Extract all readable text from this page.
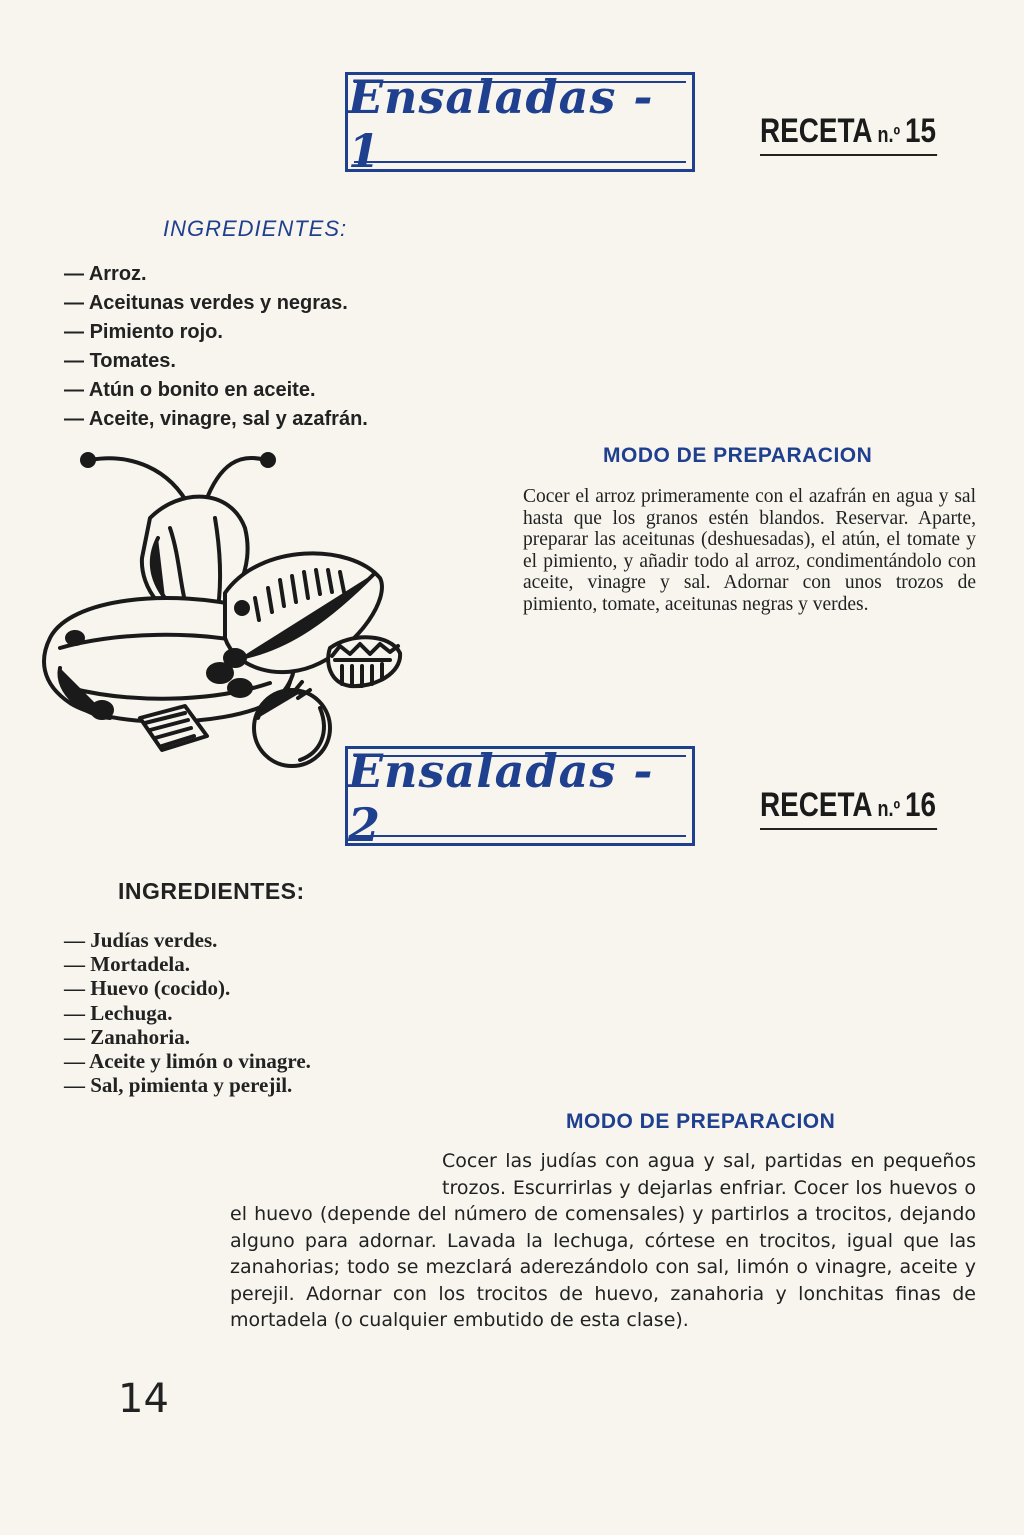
Ensaladas - 1	RECETA n.º 15
INGREDIENTES:
— Arroz.
— Aceitunas verdes y negras.
— Pimiento rojo.
— Tomates.
— Atún o bonito en aceite.
— Aceite, vinagre, sal y azafrán.
MODO DE PREPARACION

Cocer el arroz primeramente con el azafrán en agua y sal hasta que los granos estén blandos. Reservar. Aparte, preparar las aceitunas (deshuesadas), el atún, el tomate y el pimiento, y añadir todo al arroz, condimentándolo con aceite, vinagre y sal. Adornar con unos trozos de pimiento, tomate, aceitunas negras y verdes.

Ensaladas - 2	RECETA n.º 16
INGREDIENTES:
— Judías verdes.
— Mortadela.
— Huevo (cocido).
— Lechuga.
— Zanahoria.
— Aceite y limón o vinagre.
— Sal, pimienta y perejil.
MODO DE PREPARACION

Cocer las judías con agua y sal, partidas en pequeños trozos. Escurrirlas y dejarlas enfriar. Cocer los huevos o el huevo (depende del número de comensales) y partirlos a trocitos, dejando alguno para adornar. Lavada la lechuga, córtese en trocitos, igual que las zanahorias; todo se mezclará aderezándolo con sal, limón o vinagre, aceite y perejil. Adornar con los trocitos de huevo, zanahoria y lonchitas finas de mortadela (o cualquier embutido de esta clase).

14
